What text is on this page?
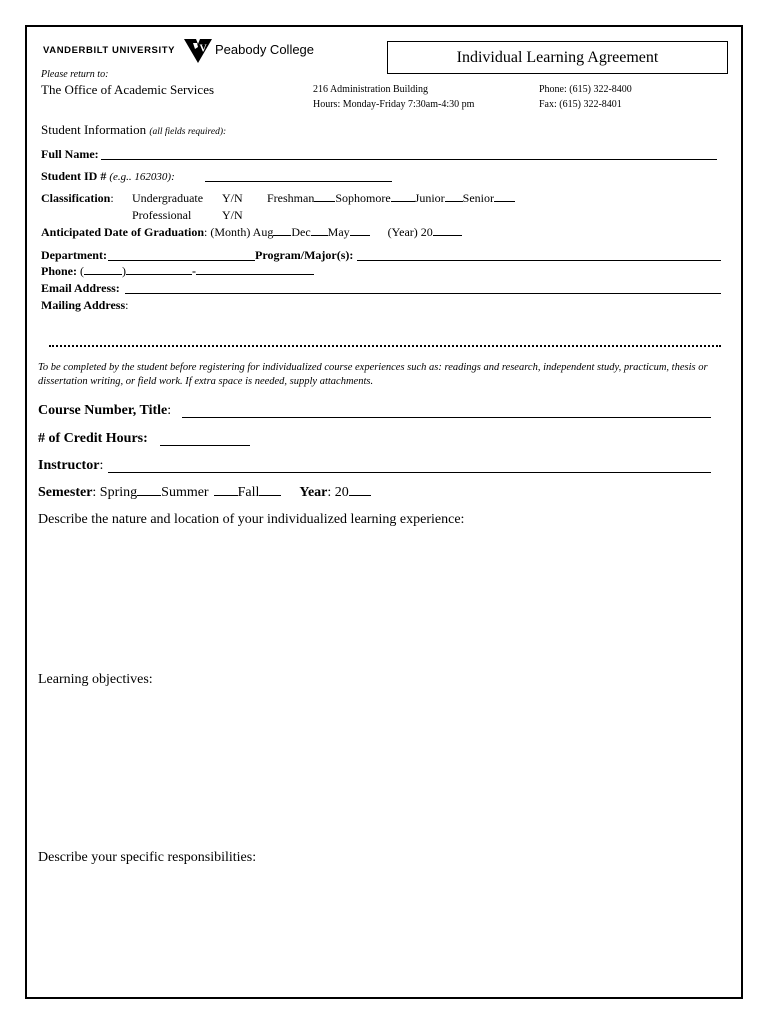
VANDERBILT UNIVERSITY V Peabody College	Individual Learning Agreement
Please return to:
The Office of Academic Services	216 Administration Building
Hours: Monday-Friday 7:30am-4:30 pm
Phone: (615) 322-8400
Fax: (615) 322-8401
Student Information (all fields required):
Full Name:
Student ID # (e.g.. 162030):
Classification: Undergraduate Y/N Freshman Sophomore Junior Senior
Professional	Y/N
Anticipated Date of Graduation: (Month) Aug Dec May	(Year) 20
Department:	Program/Major(s):
Phone: (	)	-
Email Address:
Mailing Address:
To be completed by the student before registering for individualized course experiences such as: readings and research, independent study, practicum, thesis or dissertation writing, or field work. If extra space is needed, supply attachments.
Course Number, Title:
# of Credit Hours:
Instructor:
Semester: Spring Summer Fall	Year: 20
Describe the nature and location of your individualized learning experience:
Learning objectives:
Describe your specific responsibilities:
